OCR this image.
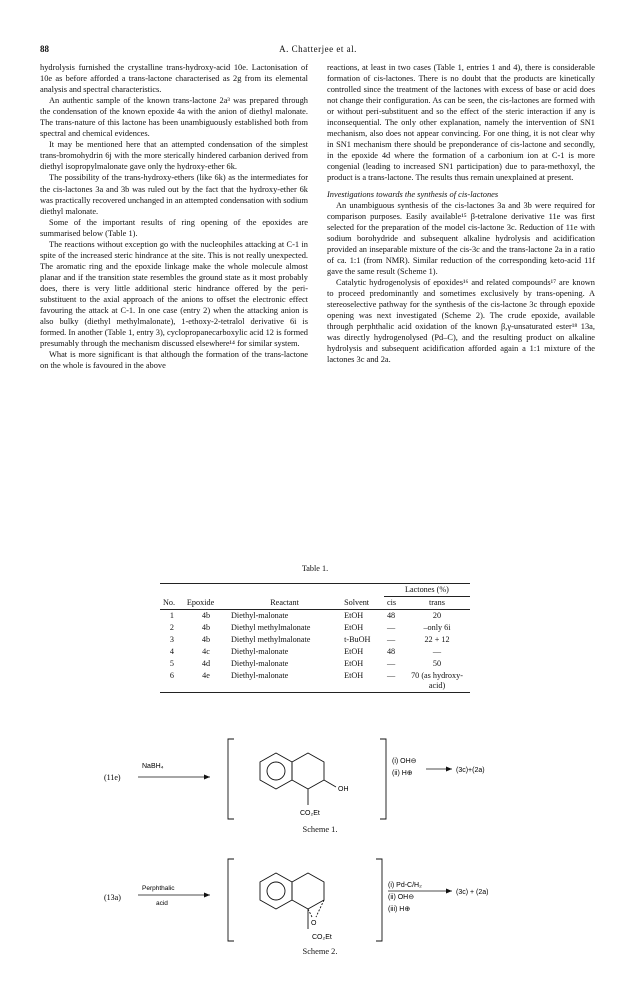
88	A. Chatterjee et al.

hydrolysis furnished the crystalline trans-hydroxy-acid 10e. Lactonisation of 10e as before afforded a trans-lactone characterised as 2g from its elemental analysis and spectral characteristics.

An authentic sample of the known trans-lactone 2a³ was prepared through the condensation of the known epoxide 4a with the anion of diethyl malonate. The trans-nature of this lactone has been unambiguously established both from spectral and chemical evidences.

It may be mentioned here that an attempted condensation of the simplest trans-bromohydrin 6j with the more sterically hindered carbanion derived from diethyl isopropylmalonate gave only the hydroxy-ether 6k.

The possibility of the trans-hydroxy-ethers (like 6k) as the intermediates for the cis-lactones 3a and 3b was ruled out by the fact that the hydroxy-ether 6k was practically recovered unchanged in an attempted condensation with sodium diethyl malonate.

Some of the important results of ring opening of the epoxides are summarised below (Table 1).

The reactions without exception go with the nucleophiles attacking at C-1 in spite of the increased steric hindrance at the site. This is not really unexpected. The aromatic ring and the epoxide linkage make the whole molecule almost planar and if the transition state resembles the ground state as it most probably does, there is very little additional steric hindrance offered by the peri-substituent to the axial approach of the anions to offset the electronic effect favouring the attack at C-1. In one case (entry 2) when the attacking anion is also bulky (diethyl methylmalonate), 1-ethoxy-2-tetralol derivative 6i is formed. In another (Table 1, entry 3), cyclopropanecarboxylic acid 12 is formed presumably through the mechanism discussed elsewhere¹⁴ for similar system.

What is more significant is that although the formation of the trans-lactone on the whole is favoured in the above

reactions, at least in two cases (Table 1, entries 1 and 4), there is considerable formation of cis-lactones. There is no doubt that the products are kinetically controlled since the treatment of the lactones with excess of base or acid does not change their configuration. As can be seen, the cis-lactones are formed with or without peri-substituent and so the effect of the steric interaction if any is inconsequential. The only other explanation, namely the intervention of SN1 mechanism, also does not appear convincing. For one thing, it is not clear why in SN1 mechanism there should be preponderance of cis-lactone and secondly, in the epoxide 4d where the formation of a carbonium ion at C-1 is more congenial (leading to increased SN1 participation) due to para-methoxyl, the product is a trans-lactone. The results thus remain unexplained at present.

Investigations towards the synthesis of cis-lactones

An unambiguous synthesis of the cis-lactones 3a and 3b were required for comparison purposes. Easily available¹⁵ β-tetralone derivative 11e was first selected for the preparation of the model cis-lactone 3c. Reduction of 11e with sodium borohydride and subsequent alkaline hydrolysis and acidification provided an inseparable mixture of the cis-3c and the trans-lactone 2a in a ratio of ca. 1:1 (from NMR). Similar reduction of the corresponding keto-acid 11f gave the same result (Scheme 1).

Catalytic hydrogenolysis of epoxides¹⁶ and related compounds¹⁷ are known to proceed predominantly and sometimes exclusively by trans-opening. A stereoselective pathway for the synthesis of the cis-lactone 3c through epoxide opening was next investigated (Scheme 2). The crude epoxide, available through perphthalic acid oxidation of the known β,γ-unsaturated ester¹⁸ 13a, was directly hydrogenolysed (Pd–C), and the resulting product on alkaline hydrolysis and subsequent acidification afforded again a 1:1 mixture of the lactones 3c and 2a.

Table 1.
				Lactones (%)	
No.	Epoxide	Reactant	Solvent	cis	trans
1	4b	Diethyl-malonate	EtOH	48	20
2	4b	Diethyl methylmalonate	EtOH	—	–only 6i
3	4b	Diethyl methylmalonate	t-BuOH	—	22 + 12
4	4c	Diethyl-malonate	EtOH	48	—
5	4d	Diethyl-malonate	EtOH	—	50
6	4e	Diethyl-malonate	EtOH	—	70 (as hydroxy-acid)
(11e)
NaBH₄
OH
CO₂Et
(i) OH⊖
(ii) H⊕	(3c)+(2a)
Scheme 1.
(13a)
Perphthalic
acid
O
CO₂Et
(i) Pd-C/H₂
(ii) OH⊖
(iii) H⊕
(3c) + (2a)
Scheme 2.
